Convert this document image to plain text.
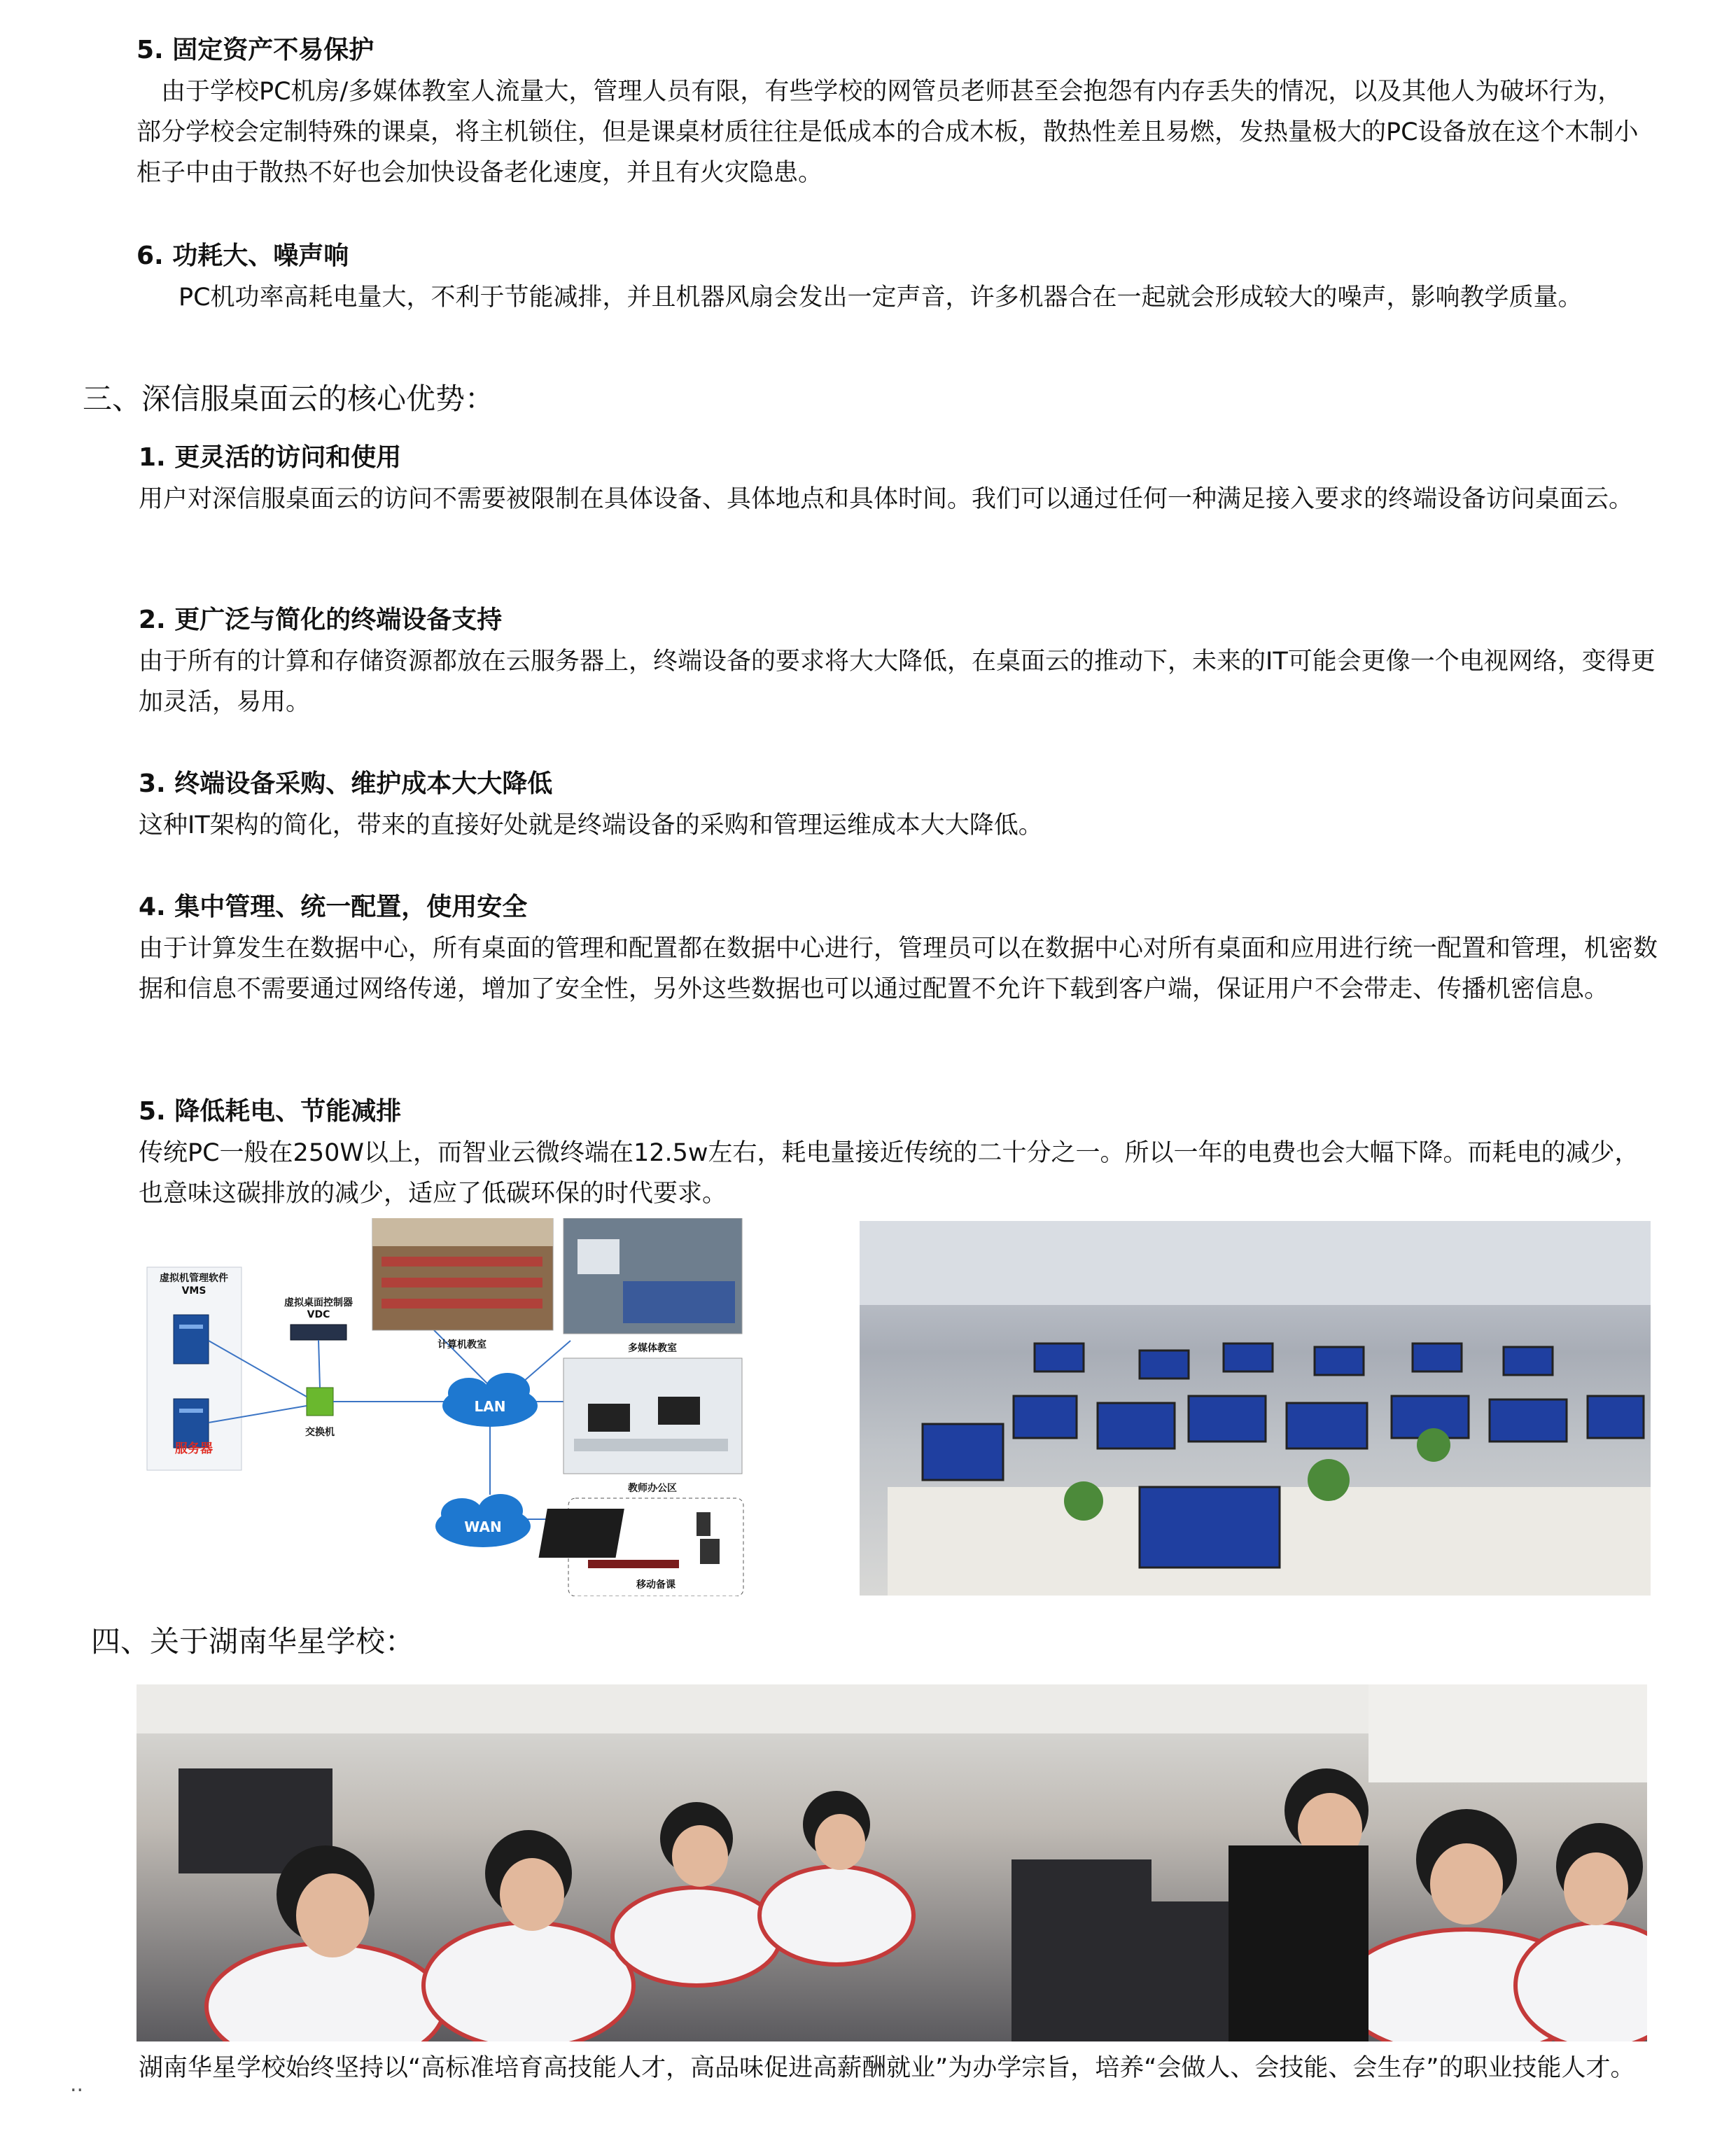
5. 固定资产不易保护
　由于学校PC机房/多媒体教室人流量大，管理人员有限，有些学校的网管员老师甚至会抱怨有内存丢失的情况，以及其他人为破坏行为，部分学校会定制特殊的课桌，将主机锁住，但是课桌材质往往是低成本的合成木板，散热性差且易燃，发热量极大的PC设备放在这个木制小柜子中由于散热不好也会加快设备老化速度，并且有火灾隐患。
6. 功耗大、噪声响
PC机功率高耗电量大，不利于节能减排，并且机器风扇会发出一定声音，许多机器合在一起就会形成较大的噪声，影响教学质量。
三、深信服桌面云的核心优势：
1. 更灵活的访问和使用
用户对深信服桌面云的访问不需要被限制在具体设备、具体地点和具体时间。我们可以通过任何一种满足接入要求的终端设备访问桌面云。
2. 更广泛与简化的终端设备支持
由于所有的计算和存储资源都放在云服务器上，终端设备的要求将大大降低，在桌面云的推动下，未来的IT可能会更像一个电视网络，变得更加灵活，易用。
3. 终端设备采购、维护成本大大降低
这种IT架构的简化，带来的直接好处就是终端设备的采购和管理运维成本大大降低。
4. 集中管理、统一配置，使用安全
由于计算发生在数据中心，所有桌面的管理和配置都在数据中心进行，管理员可以在数据中心对所有桌面和应用进行统一配置和管理，机密数据和信息不需要通过网络传递，增加了安全性，另外这些数据也可以通过配置不允许下载到客户端，保证用户不会带走、传播机密信息。
5. 降低耗电、节能减排
传统PC一般在250W以上，而智业云微终端在12.5w左右，耗电量接近传统的二十分之一。所以一年的电费也会大幅下降。而耗电的减少，也意味这碳排放的减少，适应了低碳环保的时代要求。
虚拟机管理软件
VMS
服务器
虚拟桌面控制器
VDC
交换机
LAN
WAN
计算机教室	多媒体教室
教师办公区
移动备课
四、关于湖南华星学校：
湖南华星学校始终坚持以“高标准培育高技能人才，高品味促进高薪酬就业”为办学宗旨，培养“会做人、会技能、会生存”的职业技能人才。
..
